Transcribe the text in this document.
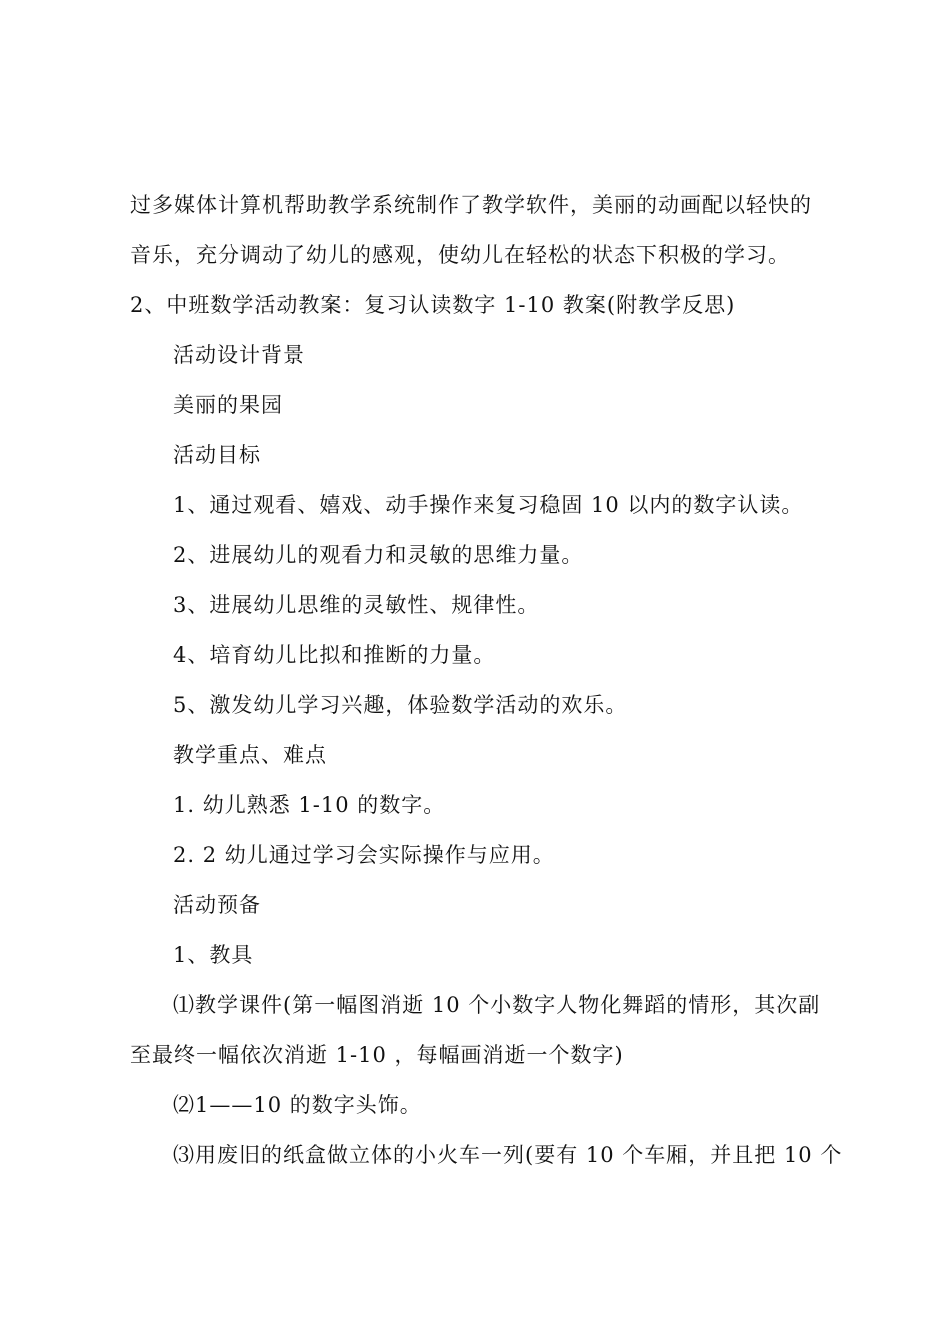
过多媒体计算机帮助教学系统制作了教学软件，美丽的动画配以轻快的
音乐，充分调动了幼儿的感观，使幼儿在轻松的状态下积极的学习。
2、中班数学活动教案：复习认读数字 1-10 教案(附教学反思)
活动设计背景
美丽的果园
活动目标
1、通过观看、嬉戏、动手操作来复习稳固 10 以内的数字认读。
2、进展幼儿的观看力和灵敏的思维力量。
3、进展幼儿思维的灵敏性、规律性。
4、培育幼儿比拟和推断的力量。
5、激发幼儿学习兴趣，体验数学活动的欢乐。
教学重点、难点
1. 幼儿熟悉 1-10 的数字。
2. 2 幼儿通过学习会实际操作与应用。
活动预备
1、教具
⑴教学课件(第一幅图消逝 10 个小数字人物化舞蹈的情形，其次副
至最终一幅依次消逝 1-10 ，每幅画消逝一个数字)
⑵1——10 的数字头饰。
⑶用废旧的纸盒做立体的小火车一列(要有 10 个车厢，并且把 10 个
